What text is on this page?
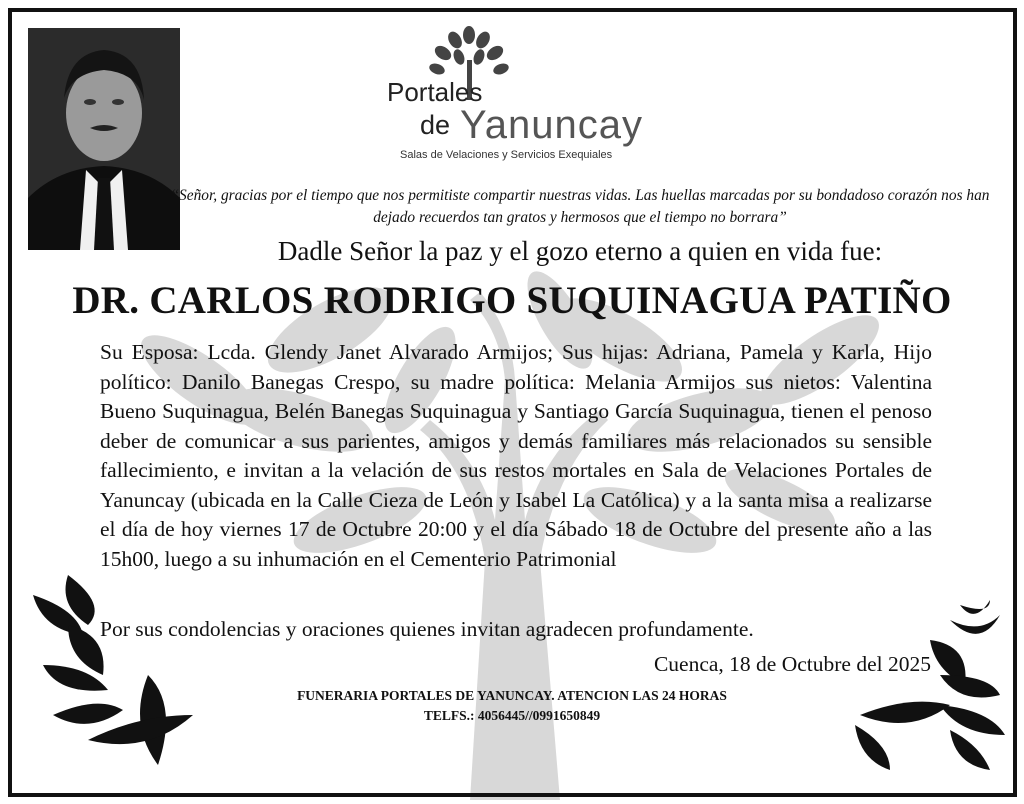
Portales
de Yanuncay
Salas de Velaciones y Servicios Exequiales
“Señor, gracias por el tiempo que nos permitiste compartir nuestras vidas. Las huellas marcadas por su bondadoso corazón nos han dejado recuerdos tan gratos y hermosos que el tiempo no borrara”
Dadle Señor la paz y el gozo eterno a quien en vida fue:
DR. CARLOS RODRIGO SUQUINAGUA PATIÑO

Su Esposa: Lcda. Glendy Janet Alvarado Armijos; Sus hijas: Adriana, Pamela y Karla, Hijo político: Danilo Banegas Crespo, su madre política: Melania Armijos sus nietos: Valentina Bueno Suquinagua, Belén Banegas Suquinagua y Santiago García Suquinagua, tienen el penoso deber de comunicar a sus parientes, amigos y demás familiares más relacionados su sensible fallecimiento, e invitan a la velación de sus restos mortales en Sala de Velaciones Portales de Yanuncay (ubicada en la Calle Cieza de León y Isabel La Católica) y a la santa misa a realizarse el día de hoy viernes 17 de Octubre 20:00 y el día Sábado 18 de Octubre del presente año a las 15h00, luego a su inhumación en el Cementerio Patrimonial

Por sus condolencias y oraciones quienes invitan agradecen profundamente.
Cuenca, 18 de Octubre del 2025
FUNERARIA PORTALES DE YANUNCAY. ATENCION LAS 24 HORAS
TELFS.: 4056445//0991650849
